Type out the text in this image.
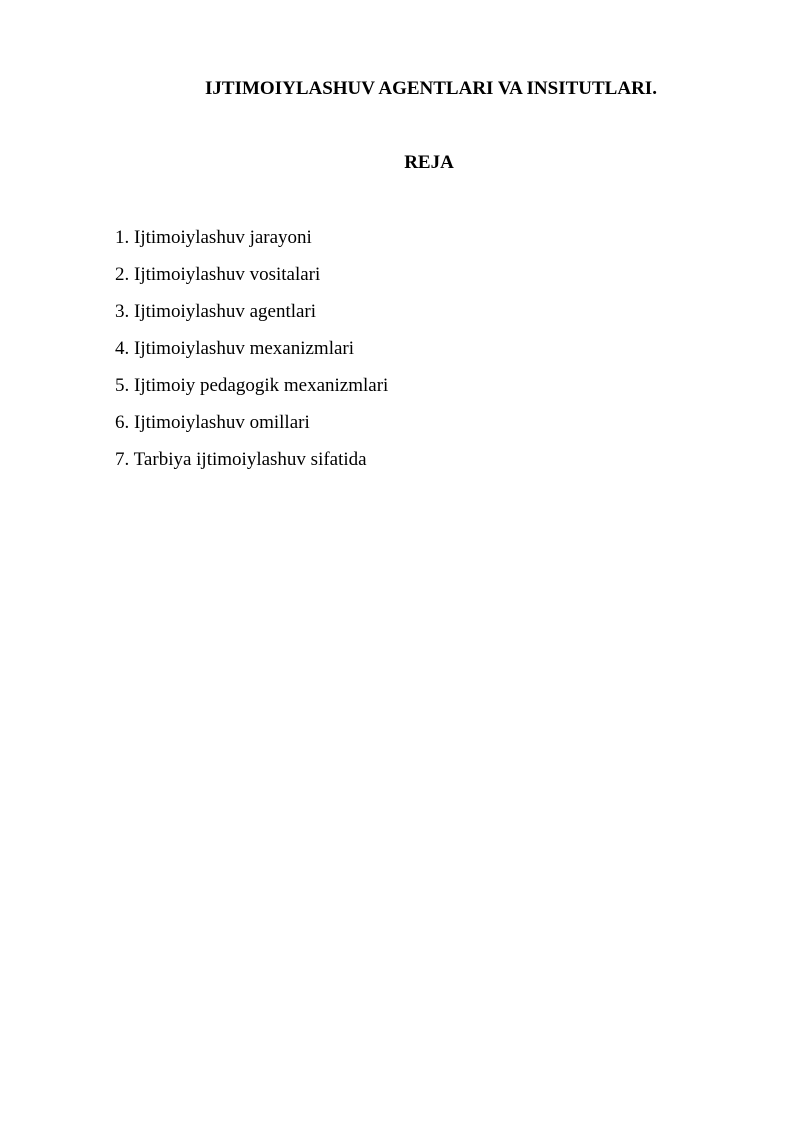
IJTIMOIYLASHUV AGENTLARI VA INSITUTLARI.
REJA
1. Ijtimoiylashuv jarayoni
2. Ijtimoiylashuv vositalari
3. Ijtimoiylashuv agentlari
4. Ijtimoiylashuv mexanizmlari
5. Ijtimoiy pedagogik mexanizmlari
6. Ijtimoiylashuv omillari
7. Tarbiya ijtimoiylashuv sifatida
